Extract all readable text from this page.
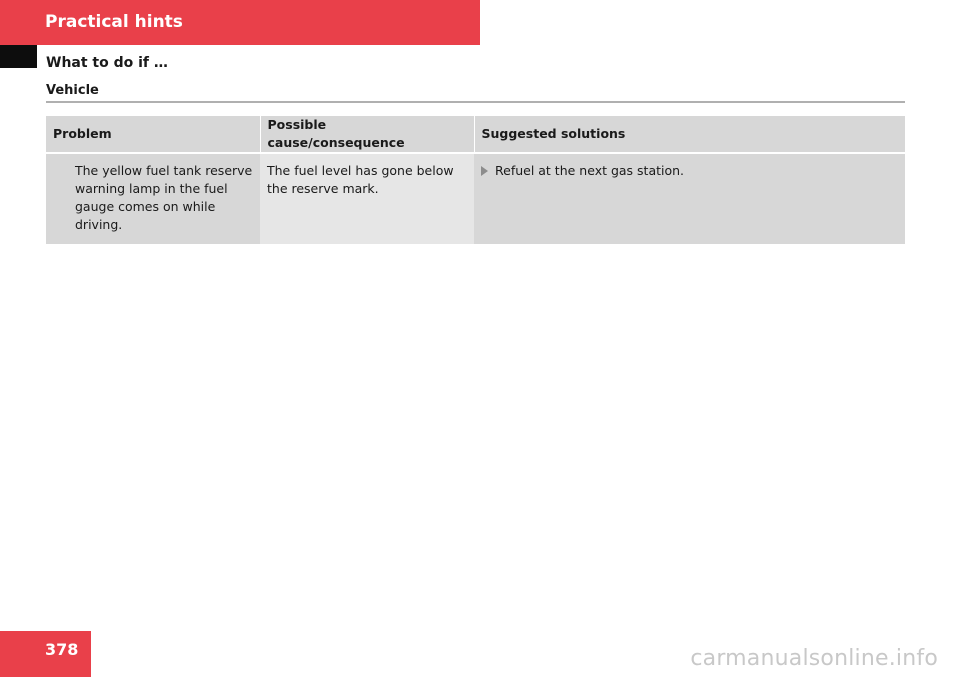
Practical hints
What to do if …
Vehicle
Problem	Possible cause/consequence	Suggested solutions

The yellow fuel tank reserve warning lamp in the fuel gauge comes on while driving.	The fuel level has gone below the reserve mark.	Refuel at the next gas station.
378	carmanualsonline.info
